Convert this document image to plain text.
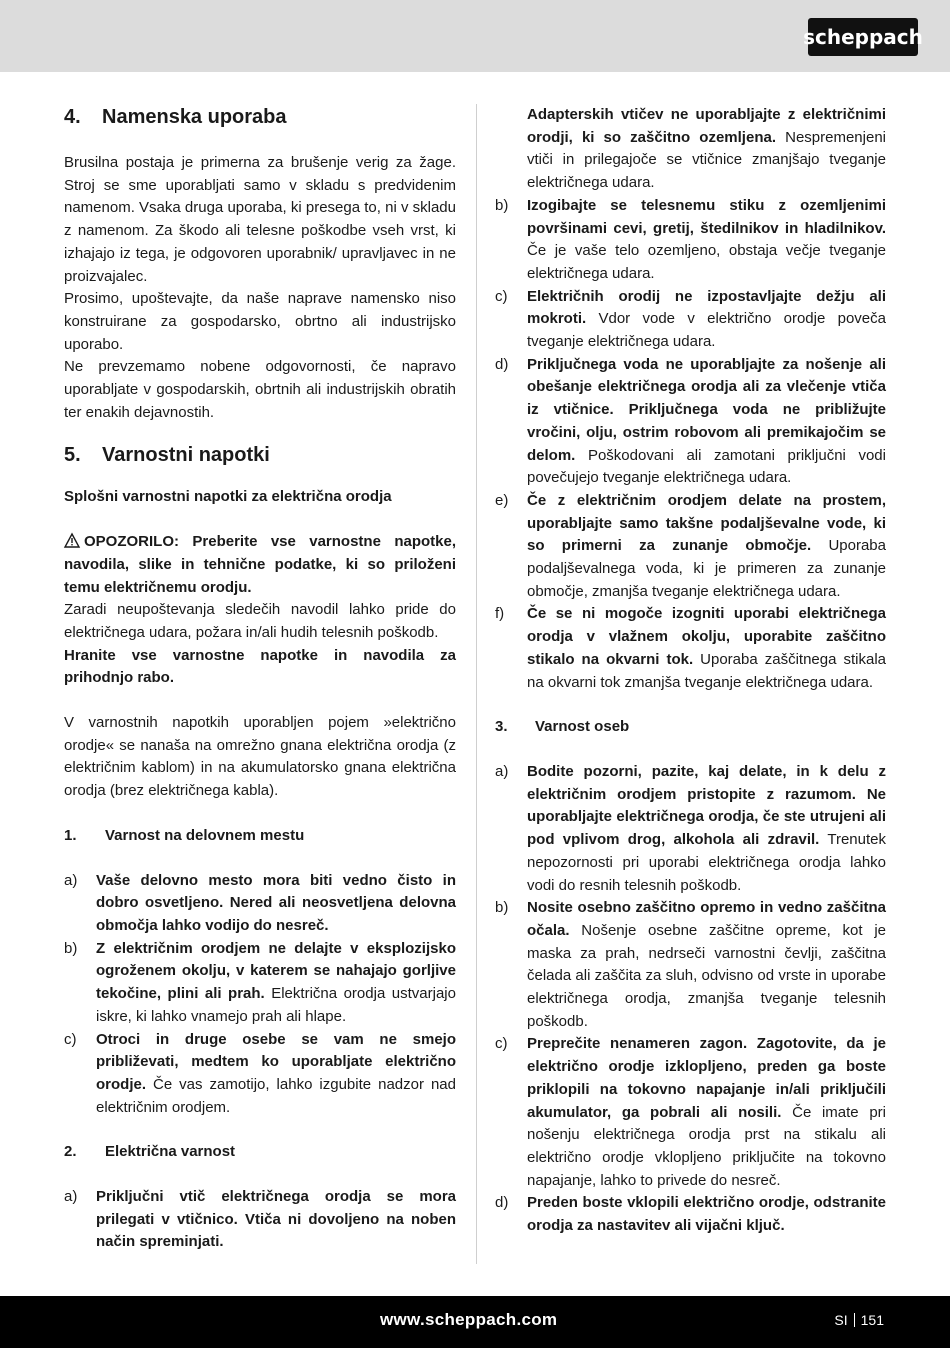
scheppach
4.	Namenska uporaba

Brusilna postaja je primerna za brušenje verig za žage. Stroj se sme uporabljati samo v skladu s predvidenim namenom. Vsaka druga uporaba, ki presega to, ni v skladu z namenom. Za škodo ali telesne poškodbe vseh vrst, ki izhajajo iz tega, je odgovoren uporabnik/ upravljavec in ne proizvajalec.

Prosimo, upoštevajte, da naše naprave namensko niso konstruirane za gospodarsko, obrtno ali industrijsko uporabo.

Ne prevzemamo nobene odgovornosti, če napravo uporabljate v gospodarskih, obrtnih ali industrijskih obratih ter enakih dejavnostih.

5.	Varnostni napotki

Splošni varnostni napotki za električna orodja

OPOZORILO: Preberite vse varnostne napotke, navodila, slike in tehnične podatke, ki so priloženi temu električnemu orodju.

Zaradi neupoštevanja sledečih navodil lahko pride do električnega udara, požara in/ali hudih telesnih poškodb.

Hranite vse varnostne napotke in navodila za prihodnjo rabo.

V varnostnih napotkih uporabljen pojem »električno orodje« se nanaša na omrežno gnana električna orodja (z električnim kablom) in na akumulatorsko gnana električna orodja (brez električnega kabla).

1.	Varnost na delovnem mestu
a)	Vaše delovno mesto mora biti vedno čisto in dobro osvetljeno. Nered ali neosvetljena delovna območja lahko vodijo do nesreč.
b)	Z električnim orodjem ne delajte v eksplozijsko ogroženem okolju, v katerem se nahajajo gorljive tekočine, plini ali prah. Električna orodja ustvarjajo iskre, ki lahko vnamejo prah ali hlape.
c)	Otroci in druge osebe se vam ne smejo približevati, medtem ko uporabljate električno orodje. Če vas zamotijo, lahko izgubite nadzor nad električnim orodjem.
2.	Električna varnost
a)	Priključni vtič električnega orodja se mora prilegati v vtičnico. Vtiča ni dovoljeno na noben način spreminjati.
Adapterskih vtičev ne uporabljajte z električnimi orodji, ki so zaščitno ozemljena. Nespremenjeni vtiči in prilegajoče se vtičnice zmanjšajo tveganje električnega udara.
b)	Izogibajte se telesnemu stiku z ozemljenimi površinami cevi, gretij, štedilnikov in hladilnikov. Če je vaše telo ozemljeno, obstaja večje tveganje električnega udara.
c)	Električnih orodij ne izpostavljajte dežju ali mokroti. Vdor vode v električno orodje poveča tveganje električnega udara.
d)	Priključnega voda ne uporabljajte za nošenje ali obešanje električnega orodja ali za vlečenje vtiča iz vtičnice. Priključnega voda ne približujte vročini, olju, ostrim robovom ali premikajočim se delom. Poškodovani ali zamotani priključni vodi povečujejo tveganje električnega udara.
e)	Če z električnim orodjem delate na prostem, uporabljajte samo takšne podaljševalne vode, ki so primerni za zunanje območje. Uporaba podaljševalnega voda, ki je primeren za zunanje območje, zmanjša tveganje električnega udara.
f)	Če se ni mogoče izogniti uporabi električnega orodja v vlažnem okolju, uporabite zaščitno stikalo na okvarni tok. Uporaba zaščitnega stikala na okvarni tok zmanjša tveganje električnega udara.
3.	Varnost oseb
a)	Bodite pozorni, pazite, kaj delate, in k delu z električnim orodjem pristopite z razumom. Ne uporabljajte električnega orodja, če ste utrujeni ali pod vplivom drog, alkohola ali zdravil. Trenutek nepozornosti pri uporabi električnega orodja lahko vodi do resnih telesnih poškodb.
b)	Nosite osebno zaščitno opremo in vedno zaščitna očala. Nošenje osebne zaščitne opreme, kot je maska za prah, nedrseči varnostni čevlji, zaščitna čelada ali zaščita za sluh, odvisno od vrste in uporabe električnega orodja, zmanjša tveganje telesnih poškodb.
c)	Preprečite nenameren zagon. Zagotovite, da je električno orodje izklopljeno, preden ga boste priklopili na tokovno napajanje in/ali priključili akumulator, ga pobrali ali nosili. Če imate pri nošenju električnega orodja prst na stikalu ali električno orodje vklopljeno priključite na tokovno napajanje, lahko to privede do nesreč.
d)	Preden boste vklopili električno orodje, odstranite orodja za nastavitev ali vijačni ključ.
www.scheppach.com	SI 151
